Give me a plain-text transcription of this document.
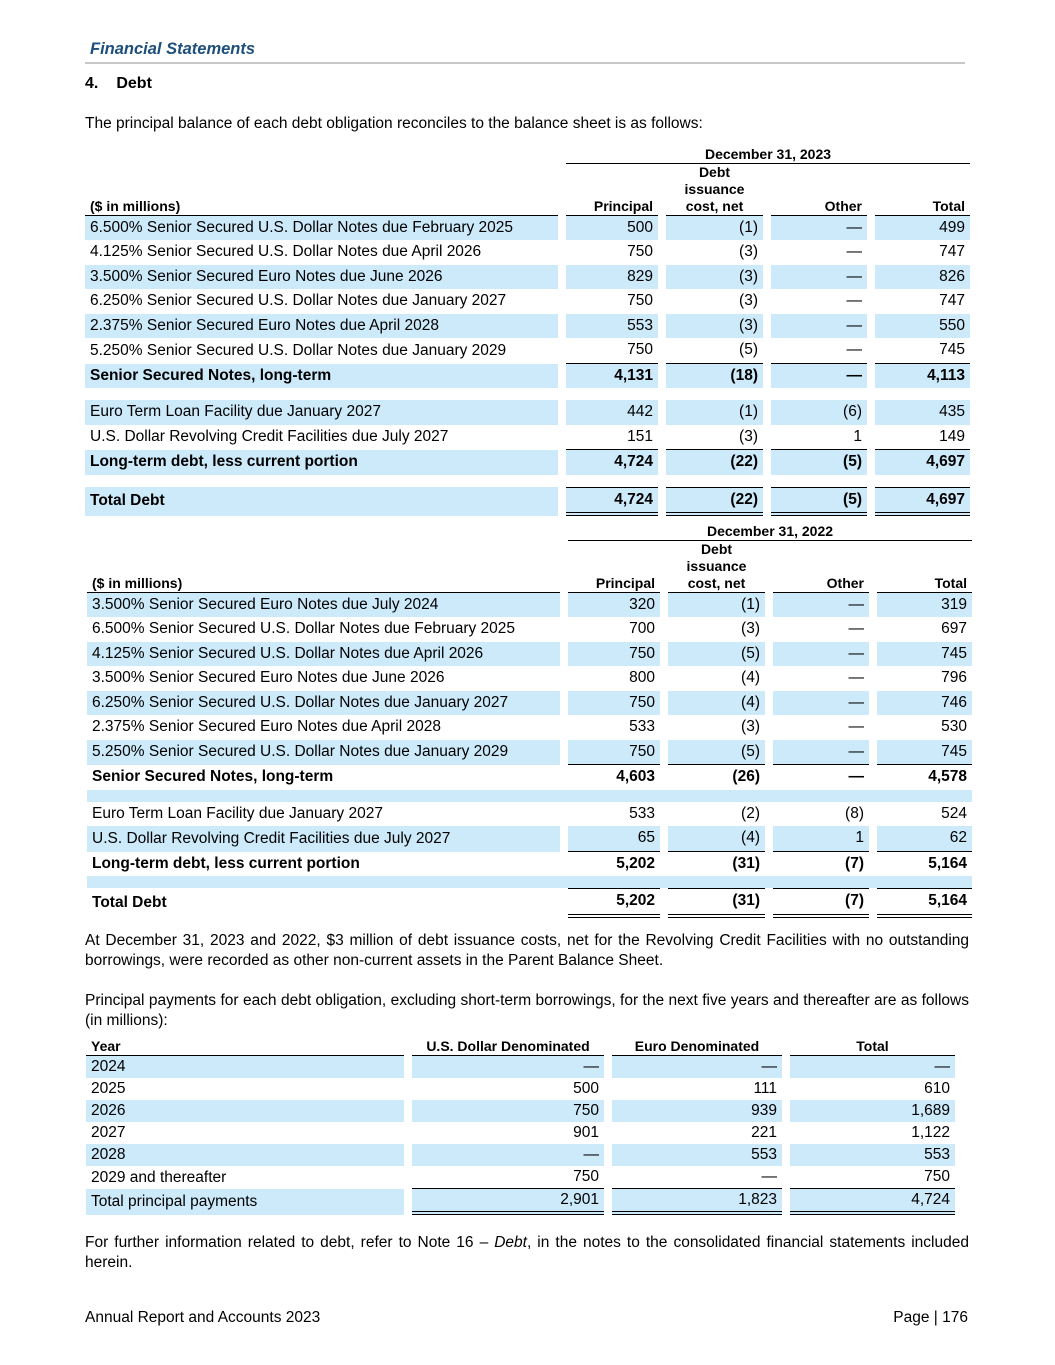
Financial Statements
4. Debt

The principal balance of each debt obligation reconciles to the balance sheet is as follows:

		December 31, 2023						
($ in millions)		Principal		Debt issuance cost, net		Other		Total
6.500% Senior Secured U.S. Dollar Notes due February 2025		500		(1)		—		499
4.125% Senior Secured U.S. Dollar Notes due April 2026		750		(3)		—		747
3.500% Senior Secured Euro Notes due June 2026		829		(3)		—		826
6.250% Senior Secured U.S. Dollar Notes due January 2027		750		(3)		—		747
2.375% Senior Secured Euro Notes due April 2028		553		(3)		—		550
5.250% Senior Secured U.S. Dollar Notes due January 2029		750		(5)		—		745
Senior Secured Notes, long-term		4,131		(18)		—		4,113

Euro Term Loan Facility due January 2027		442		(1)		(6)		435
U.S. Dollar Revolving Credit Facilities due July 2027		151		(3)		1		149
Long-term debt, less current portion		4,724		(22)		(5)		4,697

Total Debt		4,724		(22)		(5)		4,697
		December 31, 2022						
($ in millions)		Principal		Debt issuance cost, net		Other		Total
3.500% Senior Secured Euro Notes due July 2024		320		(1)		—		319
6.500% Senior Secured U.S. Dollar Notes due February 2025		700		(3)		—		697
4.125% Senior Secured U.S. Dollar Notes due April 2026		750		(5)		—		745
3.500% Senior Secured Euro Notes due June 2026		800		(4)		—		796
6.250% Senior Secured U.S. Dollar Notes due January 2027		750		(4)		—		746
2.375% Senior Secured Euro Notes due April 2028		533		(3)		—		530
5.250% Senior Secured U.S. Dollar Notes due January 2029		750		(5)		—		745
Senior Secured Notes, long-term		4,603		(26)		—		4,578

Euro Term Loan Facility due January 2027		533		(2)		(8)		524
U.S. Dollar Revolving Credit Facilities due July 2027		65		(4)		1		62
Long-term debt, less current portion		5,202		(31)		(7)		5,164

Total Debt		5,202		(31)		(7)		5,164

At December 31, 2023 and 2022, $3 million of debt issuance costs, net for the Revolving Credit Facilities with no outstanding borrowings, were recorded as other non-current assets in the Parent Balance Sheet.

Principal payments for each debt obligation, excluding short-term borrowings, for the next five years and thereafter are as follows (in millions):

Year		U.S. Dollar Denominated		Euro Denominated		Total
2024		—		—		—
2025		500		111		610
2026		750		939		1,689
2027		901		221		1,122
2028		—		553		553
2029 and thereafter		750		—		750
Total principal payments		2,901		1,823		4,724

For further information related to debt, refer to Note 16 – Debt, in the notes to the consolidated financial statements included herein.

Annual Report and Accounts 2023	Page | 176
